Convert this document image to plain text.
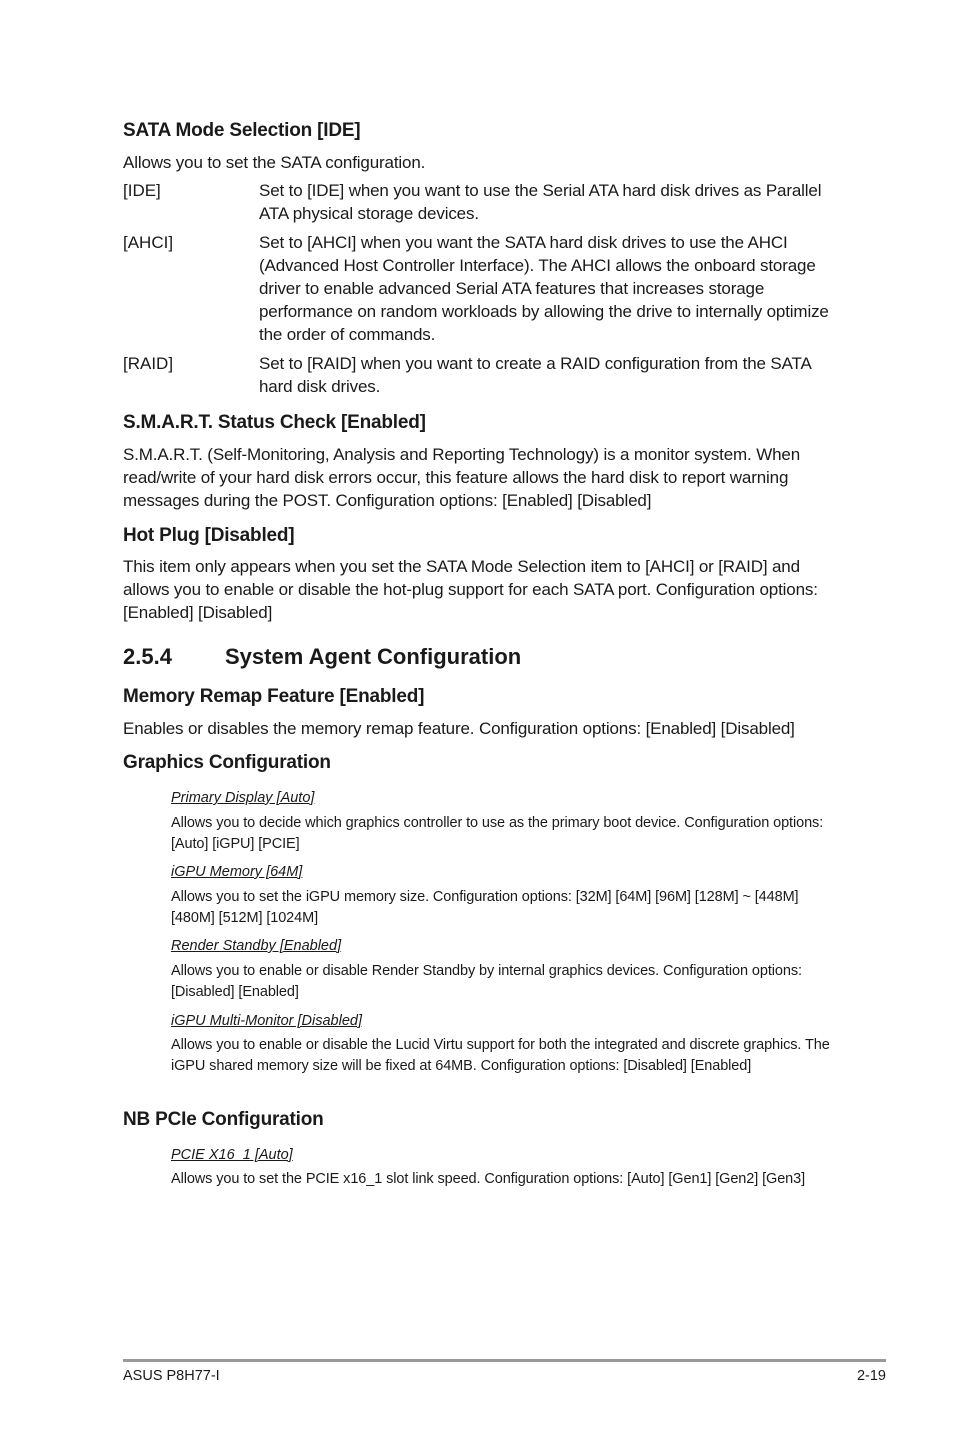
SATA Mode Selection [IDE]
Allows you to set the SATA configuration.
[IDE]	Set to [IDE] when you want to use the Serial ATA hard disk drives as Parallel ATA physical storage devices.
[AHCI]	Set to [AHCI] when you want the SATA hard disk drives to use the AHCI (Advanced Host Controller Interface). The AHCI allows the onboard storage driver to enable advanced Serial ATA features that increases storage performance on random workloads by allowing the drive to internally optimize the order of commands.
[RAID]	Set to [RAID] when you want to create a RAID configuration from the SATA hard disk drives.
S.M.A.R.T. Status Check [Enabled]
S.M.A.R.T. (Self-Monitoring, Analysis and Reporting Technology) is a monitor system. When read/write of your hard disk errors occur, this feature allows the hard disk to report warning messages during the POST. Configuration options: [Enabled] [Disabled]
Hot Plug [Disabled]
This item only appears when you set the SATA Mode Selection item to [AHCI] or [RAID] and allows you to enable or disable the hot-plug support for each SATA port. Configuration options: [Enabled] [Disabled]
2.5.4 System Agent Configuration
Memory Remap Feature [Enabled]
Enables or disables the memory remap feature. Configuration options: [Enabled] [Disabled]
Graphics Configuration
Primary Display [Auto]
Allows you to decide which graphics controller to use as the primary boot device. Configuration options: [Auto] [iGPU] [PCIE]
iGPU Memory [64M]
Allows you to set the iGPU memory size. Configuration options: [32M] [64M] [96M] [128M] ~ [448M] [480M] [512M] [1024M]
Render Standby [Enabled]
Allows you to enable or disable Render Standby by internal graphics devices. Configuration options: [Disabled] [Enabled]
iGPU Multi-Monitor [Disabled]
Allows you to enable or disable the Lucid Virtu support for both the integrated and discrete graphics. The iGPU shared memory size will be fixed at 64MB. Configuration options: [Disabled] [Enabled]
NB PCIe Configuration
PCIE X16_1 [Auto]
Allows you to set the PCIE x16_1 slot link speed. Configuration options: [Auto] [Gen1] [Gen2] [Gen3]
ASUS P8H77-I	2-19
